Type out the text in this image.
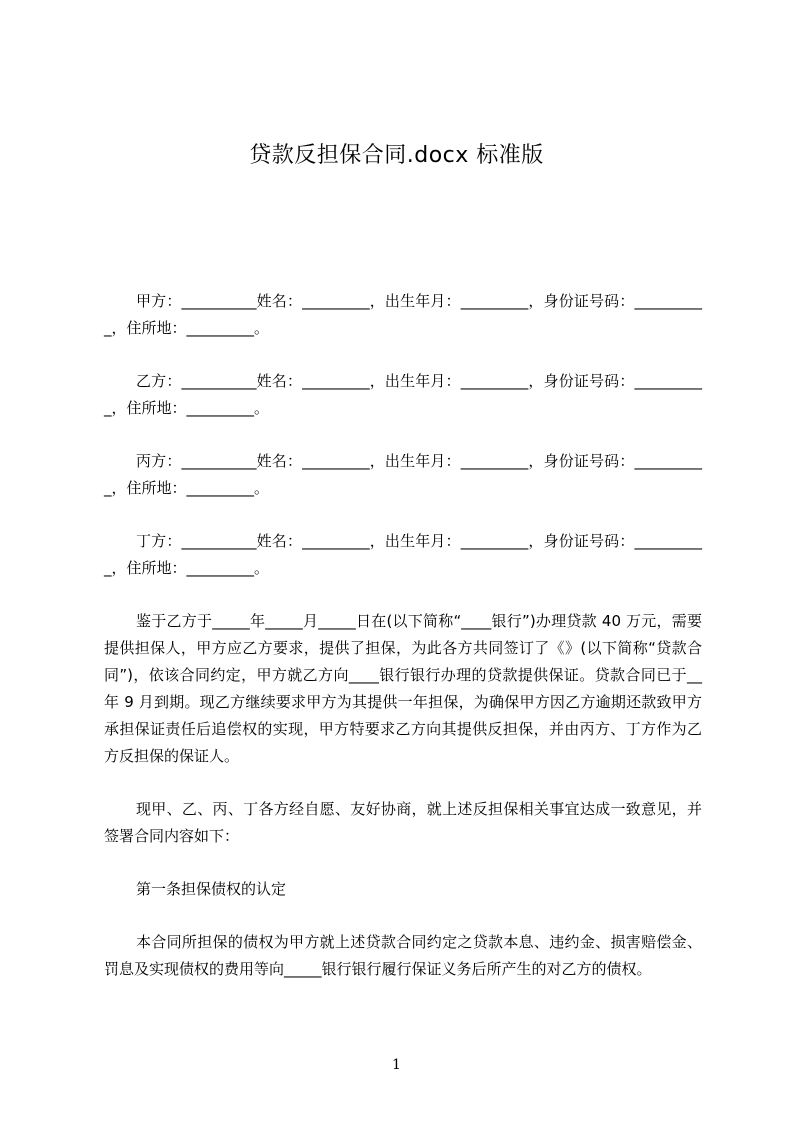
贷款反担保合同.docx 标准版

甲方：__________姓名：_________，出生年月：_________，身份证号码：__________，住所地：_________。

乙方：__________姓名：_________，出生年月：_________，身份证号码：__________，住所地：_________。

丙方：__________姓名：_________，出生年月：_________，身份证号码：__________，住所地：_________。

丁方：__________姓名：_________，出生年月：_________，身份证号码：__________，住所地：_________。

鉴于乙方于_____年_____月_____日在(以下简称“____银行”)办理贷款 40 万元，需要提供担保人，甲方应乙方要求，提供了担保，为此各方共同签订了《》(以下简称“贷款合同”)，依该合同约定，甲方就乙方向____银行银行办理的贷款提供保证。贷款合同已于__年 9 月到期。现乙方继续要求甲方为其提供一年担保，为确保甲方因乙方逾期还款致甲方承担保证责任后追偿权的实现，甲方特要求乙方向其提供反担保，并由丙方、丁方作为乙方反担保的保证人。

现甲、乙、丙、丁各方经自愿、友好协商，就上述反担保相关事宜达成一致意见，并签署合同内容如下：

第一条担保债权的认定

本合同所担保的债权为甲方就上述贷款合同约定之贷款本息、违约金、损害赔偿金、罚息及实现债权的费用等向_____银行银行履行保证义务后所产生的对乙方的债权。

1
